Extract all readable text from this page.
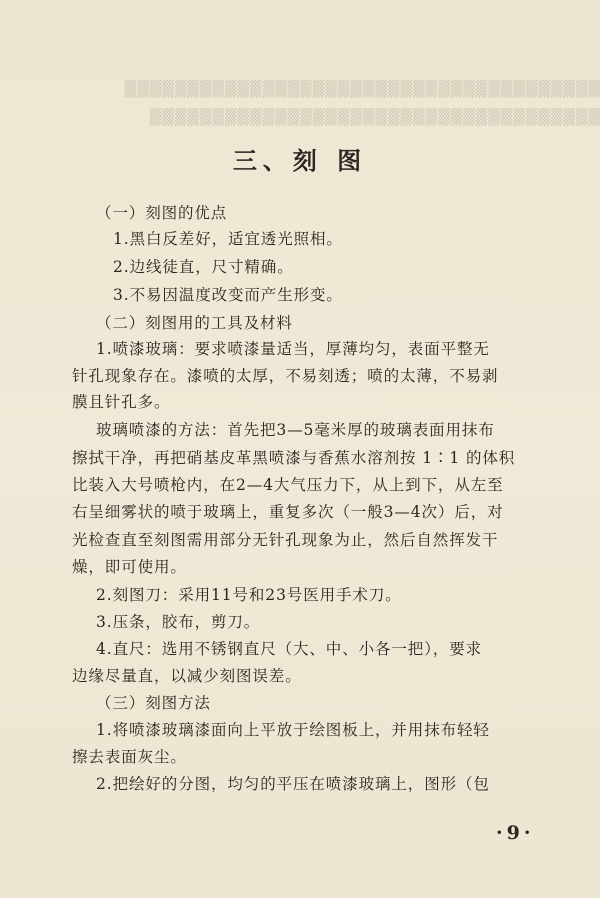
▒▒▒▒▒▒▒▒▒▒▒▒▒▒▒▒▒▒▒▒▒▒▒▒▒▒▒▒▒▒▒▒▒▒▒▒▒▒
▒▒▒▒▒▒▒▒▒▒▒▒▒▒▒▒▒▒▒▒▒▒▒▒▒▒▒▒▒▒▒▒▒▒▒▒
三、刻 图
（一）刻图的优点
1.黑白反差好，适宜透光照相。
2.边线徒直，尺寸精确。
3.不易因温度改变而产生形变。
（二）刻图用的工具及材料
1.喷漆玻璃：要求喷漆量适当，厚薄均匀，表面平整无
针孔现象存在。漆喷的太厚，不易刻透；喷的太薄，不易剥
膜且针孔多。
玻璃喷漆的方法：首先把3—5毫米厚的玻璃表面用抹布
擦拭干净，再把硝基皮革黑喷漆与香蕉水溶剂按 1∶1 的体积
比装入大号喷枪内，在2—4大气压力下，从上到下，从左至
右呈细雾状的喷于玻璃上，重复多次（一般3—4次）后，对
光检查直至刻图需用部分无针孔现象为止，然后自然挥发干
燥，即可使用。
2.刻图刀：采用11号和23号医用手术刀。
3.压条，胶布，剪刀。
4.直尺：选用不锈钢直尺（大、中、小各一把），要求
边缘尽量直，以减少刻图误差。
（三）刻图方法
1.将喷漆玻璃漆面向上平放于绘图板上，并用抹布轻轻
擦去表面灰尘。
2.把绘好的分图，均匀的平压在喷漆玻璃上，图形（包
·9·
